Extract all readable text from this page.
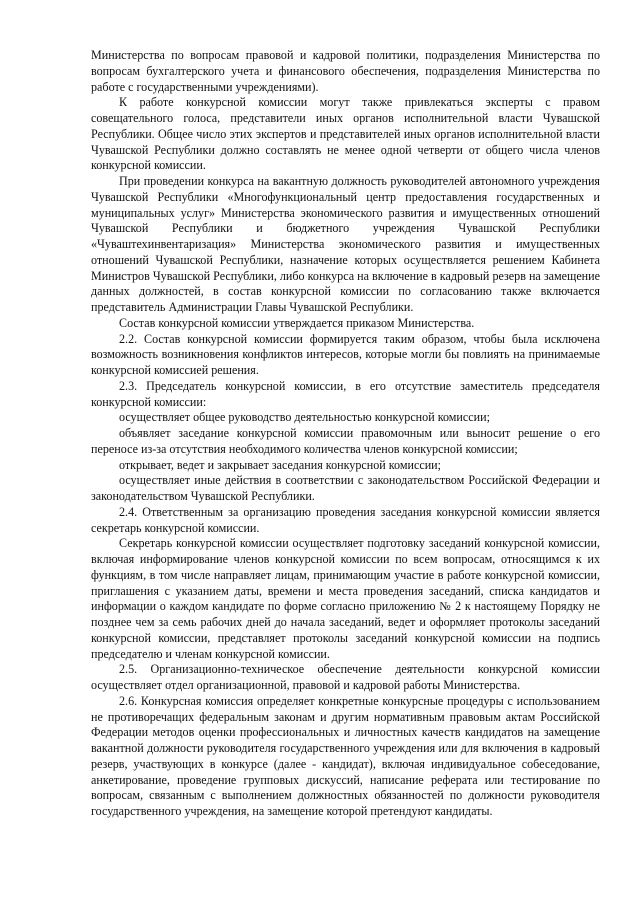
Министерства по вопросам правовой и кадровой политики, подразделения Министерства по вопросам бухгалтерского учета и финансового обеспечения, подразделения Министерства по работе с государственными учреждениями).

К работе конкурсной комиссии могут также привлекаться эксперты с правом совещательного голоса, представители иных органов исполнительной власти Чувашской Республики. Общее число этих экспертов и представителей иных органов исполнительной власти Чувашской Республики должно составлять не менее одной четверти от общего числа членов конкурсной комиссии.

При проведении конкурса на вакантную должность руководителей автономного учреждения Чувашской Республики «Многофункциональный центр предоставления государственных и муниципальных услуг» Министерства экономического развития и имущественных отношений Чувашской Республики и бюджетного учреждения Чувашской Республики «Чуваштехинвентаризация» Министерства экономического развития и имущественных отношений Чувашской Республики, назначение которых осуществляется решением Кабинета Министров Чувашской Республики, либо конкурса на включение в кадровый резерв на замещение данных должностей, в состав конкурсной комиссии по согласованию также включается представитель Администрации Главы Чувашской Республики.

Состав конкурсной комиссии утверждается приказом Министерства.

2.2. Состав конкурсной комиссии формируется таким образом, чтобы была исключена возможность возникновения конфликтов интересов, которые могли бы повлиять на принимаемые конкурсной комиссией решения.

2.3. Председатель конкурсной комиссии, в его отсутствие заместитель председателя конкурсной комиссии:

осуществляет общее руководство деятельностью конкурсной комиссии;

объявляет заседание конкурсной комиссии правомочным или выносит решение о его переносе из-за отсутствия необходимого количества членов конкурсной комиссии;

открывает, ведет и закрывает заседания конкурсной комиссии;

осуществляет иные действия в соответствии с законодательством Российской Федерации и законодательством Чувашской Республики.

2.4. Ответственным за организацию проведения заседания конкурсной комиссии является секретарь конкурсной комиссии.

Секретарь конкурсной комиссии осуществляет подготовку заседаний конкурсной комиссии, включая информирование членов конкурсной комиссии по всем вопросам, относящимся к их функциям, в том числе направляет лицам, принимающим участие в работе конкурсной комиссии, приглашения с указанием даты, времени и места проведения заседаний, списка кандидатов и информации о каждом кандидате по форме согласно приложению № 2 к настоящему Порядку не позднее чем за семь рабочих дней до начала заседаний, ведет и оформляет протоколы заседаний конкурсной комиссии, представляет протоколы заседаний конкурсной комиссии на подпись председателю и членам конкурсной комиссии.

2.5. Организационно-техническое обеспечение деятельности конкурсной комиссии осуществляет отдел организационной, правовой и кадровой работы Министерства.

2.6. Конкурсная комиссия определяет конкретные конкурсные процедуры с использованием не противоречащих федеральным законам и другим нормативным правовым актам Российской Федерации методов оценки профессиональных и личностных качеств кандидатов на замещение вакантной должности руководителя государственного учреждения или для включения в кадровый резерв, участвующих в конкурсе (далее - кандидат), включая индивидуальное собеседование, анкетирование, проведение групповых дискуссий, написание реферата или тестирование по вопросам, связанным с выполнением должностных обязанностей по должности руководителя государственного учреждения, на замещение которой претендуют кандидаты.
